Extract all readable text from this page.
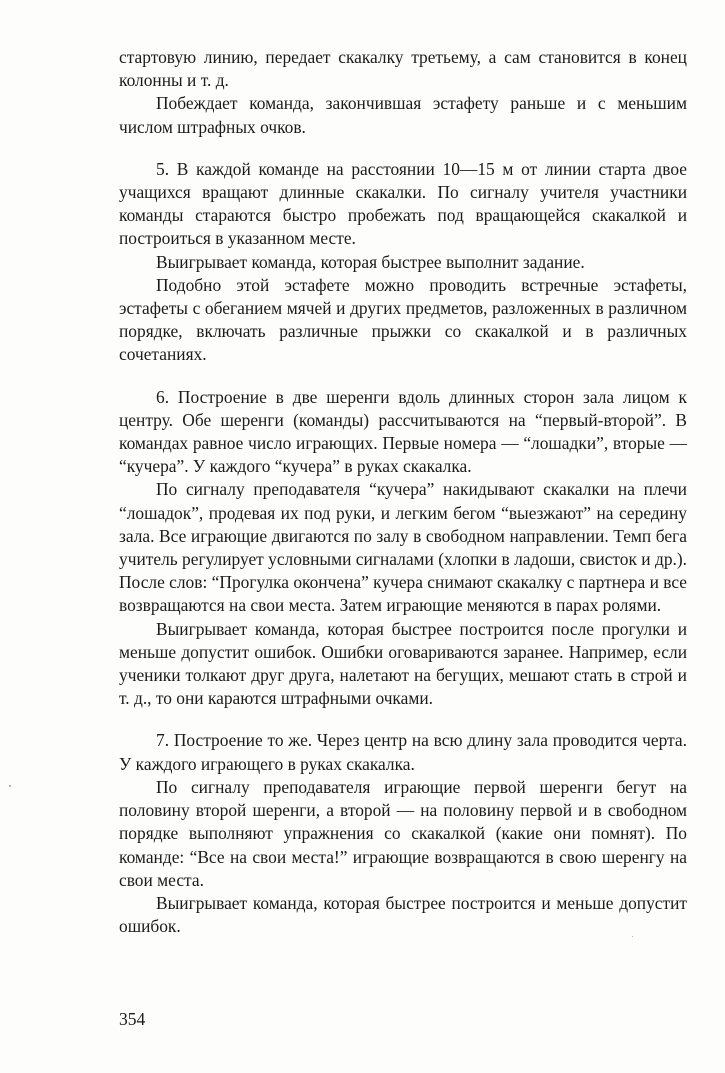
стартовую линию, передает скакалку третьему, а сам становится в конец колонны и т. д.

Побеждает команда, закончившая эстафету раньше и с меньшим числом штрафных очков.

5. В каждой команде на расстоянии 10—15 м от линии старта двое учащихся вращают длинные скакалки. По сигналу учителя участники команды стараются быстро пробежать под вращающейся скакалкой и построиться в указанном месте.

Выигрывает команда, которая быстрее выполнит задание.

Подобно этой эстафете можно проводить встречные эстафеты, эстафеты с обеганием мячей и других предметов, разложенных в различном порядке, включать различные прыжки со скакалкой и в различных сочетаниях.

6. Построение в две шеренги вдоль длинных сторон зала лицом к центру. Обе шеренги (команды) рассчитываются на “первый-второй”. В командах равное число играющих. Первые номера — “лошадки”, вторые — “кучера”. У каждого “кучера” в руках скакалка.

По сигналу преподавателя “кучера” накидывают скакалки на плечи “лошадок”, продевая их под руки, и легким бегом “выезжают” на середину зала. Все играющие двигаются по залу в свободном направлении. Темп бега учитель регулирует условными сигналами (хлопки в ладоши, свисток и др.). После слов: “Прогулка окончена” кучера снимают скакалку с партнера и все возвращаются на свои места. Затем играющие меняются в парах ролями.

Выигрывает команда, которая быстрее построится после прогулки и меньше допустит ошибок. Ошибки оговариваются заранее. Например, если ученики толкают друг друга, налетают на бегущих, мешают стать в строй и т. д., то они караются штрафными очками.

7. Построение то же. Через центр на всю длину зала проводится черта. У каждого играющего в руках скакалка.

По сигналу преподавателя играющие первой шеренги бегут на половину второй шеренги, а второй — на половину первой и в свободном порядке выполняют упражнения со скакалкой (какие они помнят). По команде: “Все на свои места!” играющие возвращаются в свою шеренгу на свои места.

Выигрывает команда, которая быстрее построится и меньше допустит ошибок.

354
